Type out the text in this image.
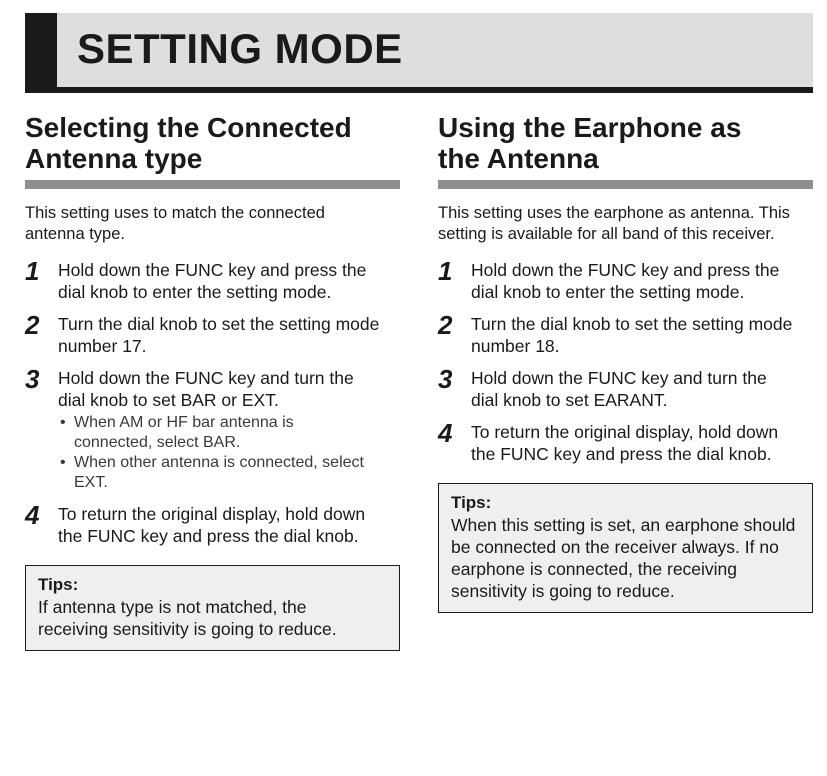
SETTING MODE
Selecting the Connected
Antenna type

This setting uses to match the connected antenna type.

1	Hold down the FUNC key and press the dial knob to enter the setting mode.
2	Turn the dial knob to set the setting mode number 17.
3	Hold down the FUNC key and turn the dial knob to set BAR or EXT.
• When AM or HF bar antenna is connected, select BAR.
• When other antenna is connected, select EXT.
4	To return the original display, hold down the FUNC key and press the dial knob.
Tips:
If antenna type is not matched, the receiving sensitivity is going to reduce.
Using the Earphone as
the Antenna

This setting uses the earphone as antenna. This setting is available for all band of this receiver.

1	Hold down the FUNC key and press the dial knob to enter the setting mode.
2	Turn the dial knob to set the setting mode number 18.
3	Hold down the FUNC key and turn the dial knob to set EARANT.
4	To return the original display, hold down the FUNC key and press the dial knob.
Tips:
When this setting is set, an earphone should be connected on the receiver always. If no earphone is connected, the receiving sensitivity is going to reduce.
